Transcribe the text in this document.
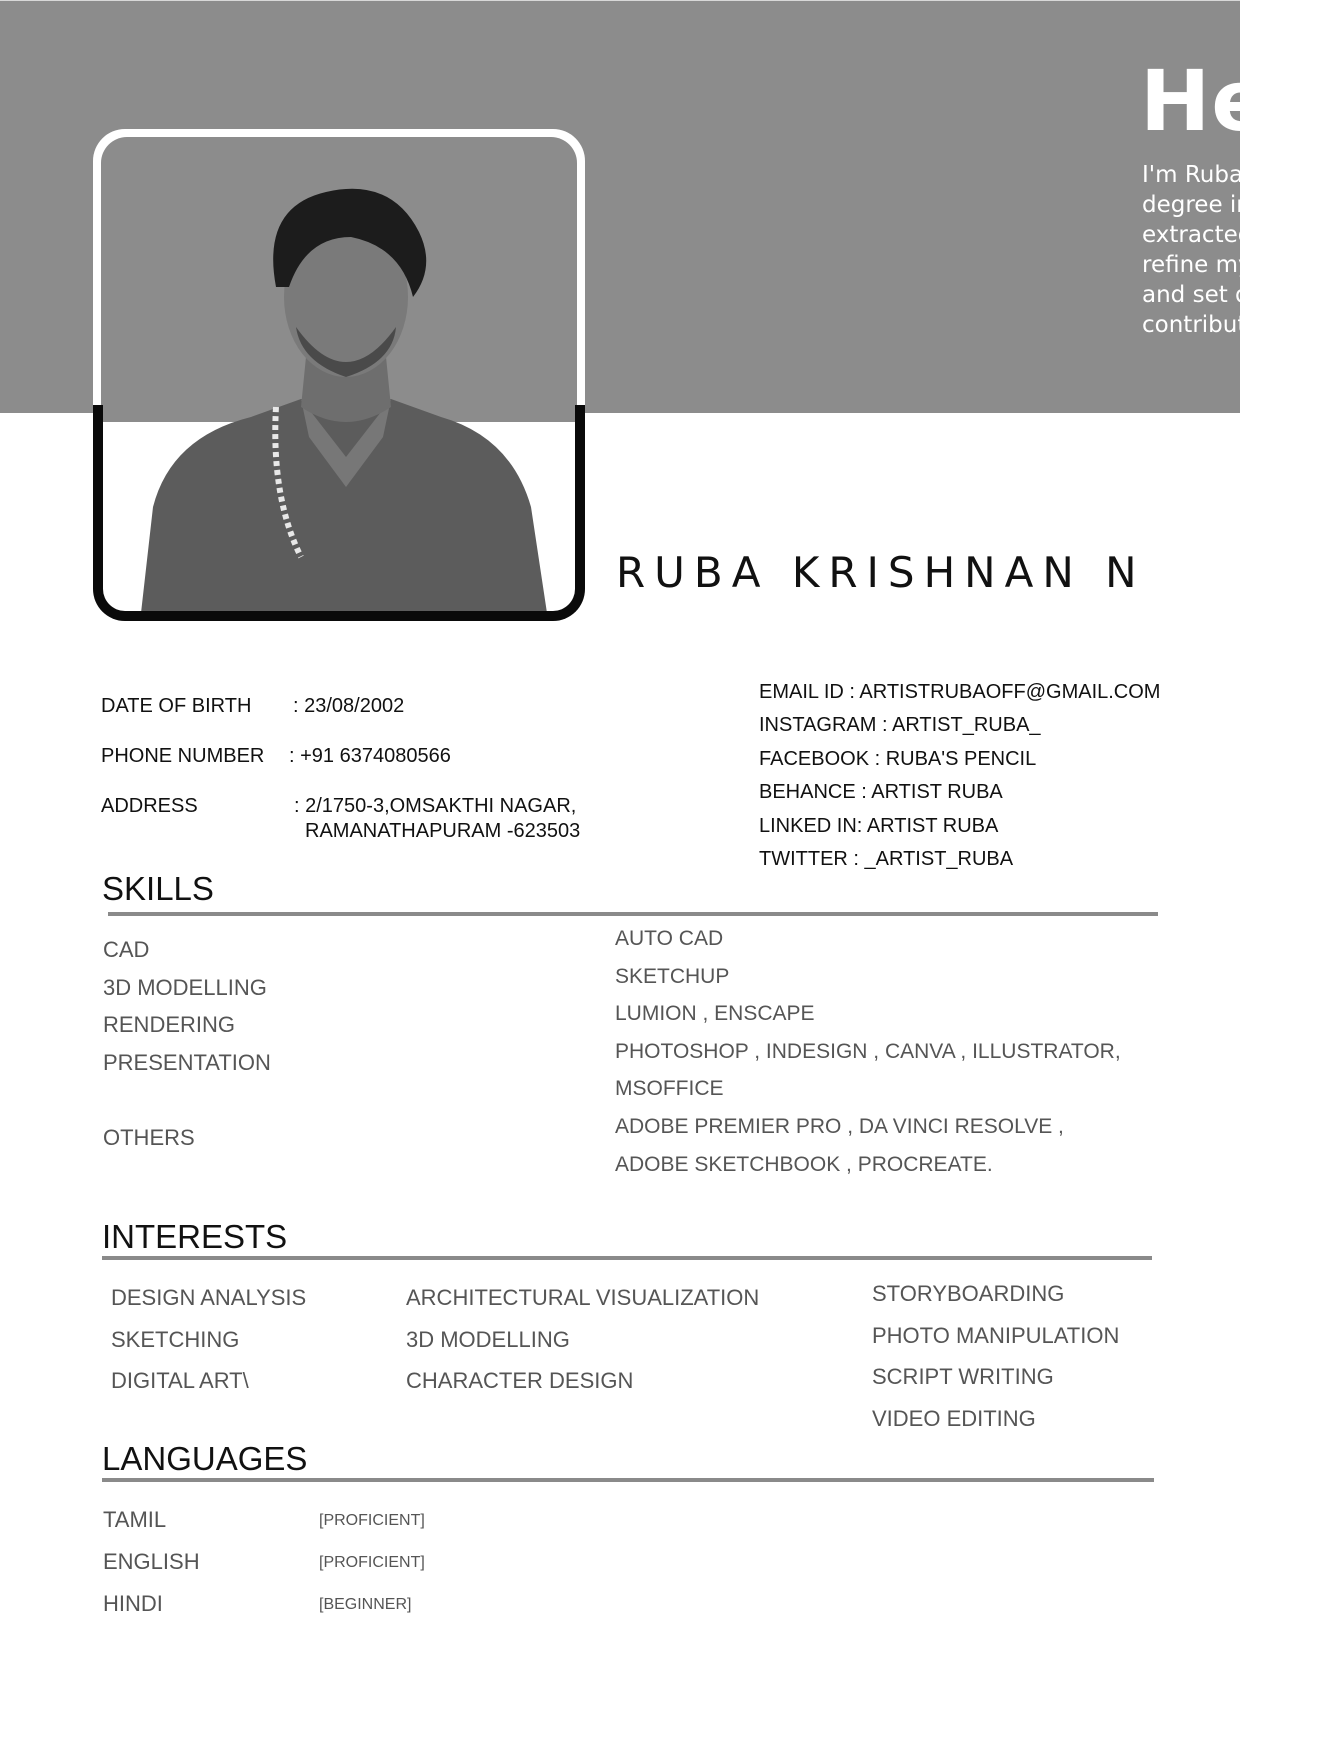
Hel
I'm Ruba
degree in
extracted
refine my
and set d
contribut
RUBA KRISHNAN N
DATE OF BIRTH : 23/08/2002
PHONE NUMBER : +91 6374080566
ADDRESS	: 2/1750-3,OMSAKTHI NAGAR,
RAMANATHAPURAM -623503
EMAIL ID : ARTISTRUBAOFF@GMAIL.COM
INSTAGRAM : ARTIST_RUBA_
FACEBOOK : RUBA'S PENCIL
BEHANCE : ARTIST RUBA
LINKED IN: ARTIST RUBA
TWITTER : _ARTIST_RUBA
SKILLS
CAD
3D MODELLING
RENDERING
PRESENTATION
OTHERS
AUTO CAD
SKETCHUP
LUMION , ENSCAPE
PHOTOSHOP , INDESIGN , CANVA , ILLUSTRATOR,
MSOFFICE
ADOBE PREMIER PRO , DA VINCI RESOLVE ,
ADOBE SKETCHBOOK , PROCREATE.
INTERESTS
DESIGN ANALYSIS
SKETCHING
DIGITAL ART\
ARCHITECTURAL VISUALIZATION
3D MODELLING
CHARACTER DESIGN
STORYBOARDING
PHOTO MANIPULATION
SCRIPT WRITING
VIDEO EDITING
LANGUAGES
TAMIL
ENGLISH
HINDI
[PROFICIENT]
[PROFICIENT]
[BEGINNER]
